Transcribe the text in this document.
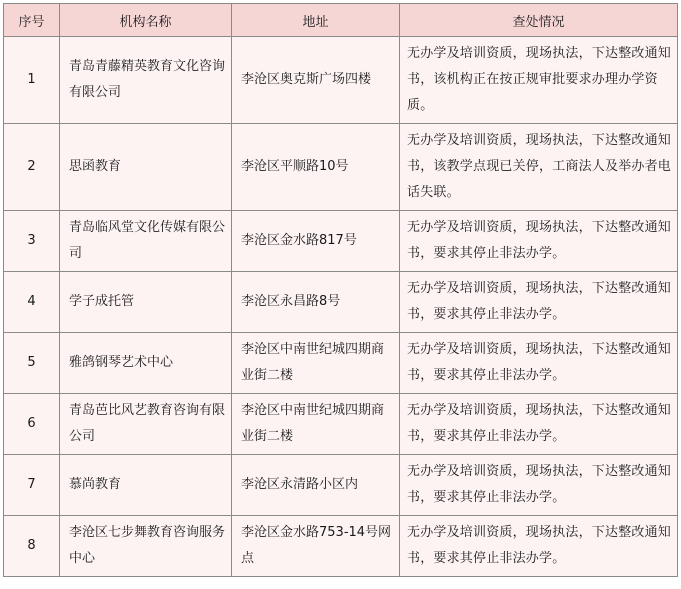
序号	机构名称	地址	查处情况
1	青岛青藤精英教育文化咨询有限公司	李沧区奥克斯广场四楼	无办学及培训资质，现场执法，下达整改通知书，该机构正在按正规审批要求办理办学资质。
2	思函教育	李沧区平顺路10号	无办学及培训资质，现场执法，下达整改通知书，该教学点现已关停，工商法人及举办者电话失联。
3	青岛临风堂文化传媒有限公司	李沧区金水路817号	无办学及培训资质，现场执法，下达整改通知书，要求其停止非法办学。
4	学子成托管	李沧区永昌路8号	无办学及培训资质，现场执法，下达整改通知书，要求其停止非法办学。
5	雅鸽钢琴艺术中心	李沧区中南世纪城四期商业街二楼	无办学及培训资质，现场执法，下达整改通知书，要求其停止非法办学。
6	青岛芭比风艺教育咨询有限公司	李沧区中南世纪城四期商业街二楼	无办学及培训资质，现场执法，下达整改通知书，要求其停止非法办学。
7	慕尚教育	李沧区永清路小区内	无办学及培训资质，现场执法，下达整改通知书，要求其停止非法办学。
8	李沧区七步舞教育咨询服务中心	李沧区金水路753-14号网点	无办学及培训资质，现场执法，下达整改通知书，要求其停止非法办学。
